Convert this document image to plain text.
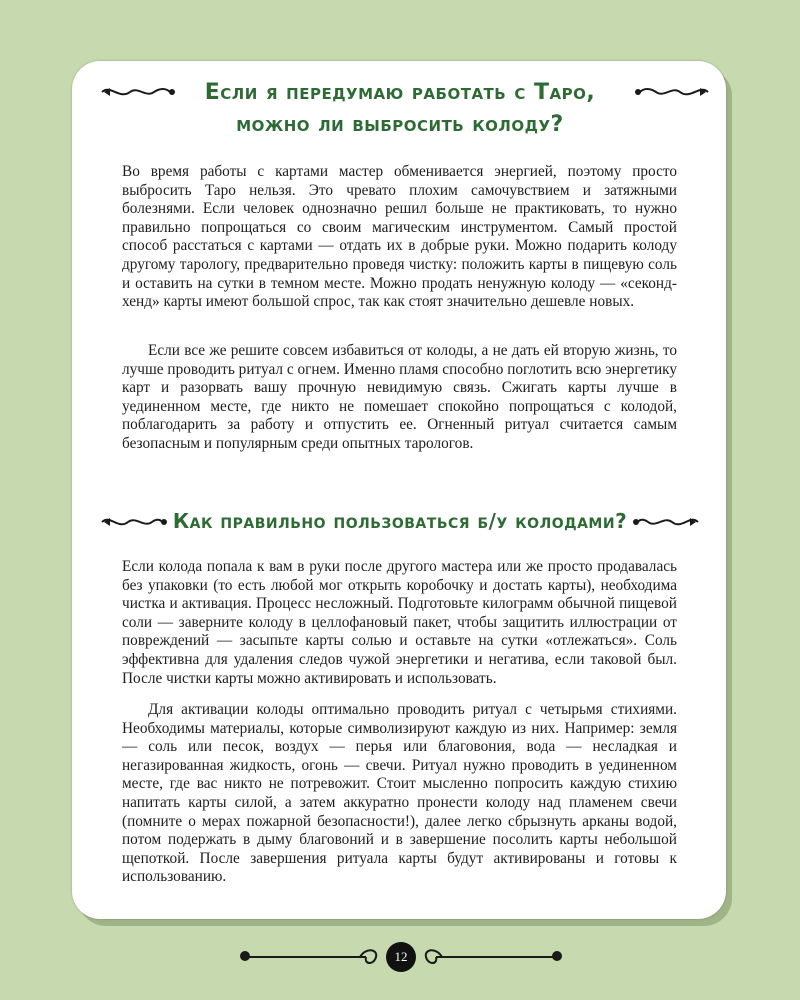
Если я передумаю работать с Таро,
можно ли выбросить колоду?

Во время работы с картами мастер обменивается энергией, поэтому просто выбросить Таро нельзя. Это чревато плохим самочувствием и затяжными болезнями. Если человек однозначно решил больше не практиковать, то нужно правильно попрощаться со своим магическим инструментом. Самый простой способ расстаться с картами — отдать их в добрые руки. Можно подарить колоду другому тарологу, предварительно проведя чистку: положить карты в пищевую соль и оставить на сутки в темном месте. Можно продать ненужную колоду — «секонд-хенд» карты имеют большой спрос, так как стоят значительно дешевле новых.

Если все же решите совсем избавиться от колоды, а не дать ей вторую жизнь, то лучше проводить ритуал с огнем. Именно пламя способно поглотить всю энергетику карт и разорвать вашу прочную невидимую связь. Сжигать карты лучше в уединенном месте, где никто не помешает спокойно попрощаться с колодой, поблагодарить за работу и отпустить ее. Огненный ритуал считается самым безопасным и популярным среди опытных тарологов.

Как правильно пользоваться б/у колодами?

Если колода попала к вам в руки после другого мастера или же просто продавалась без упаковки (то есть любой мог открыть коробочку и достать карты), необходима чистка и активация. Процесс несложный. Подготовьте килограмм обычной пищевой соли — заверните колоду в целлофановый пакет, чтобы защитить иллюстрации от повреждений — засыпьте карты солью и оставьте на сутки «отлежаться». Соль эффективна для удаления следов чужой энергетики и негатива, если таковой был. После чистки карты можно активировать и использовать.

Для активации колоды оптимально проводить ритуал с четырьмя стихиями. Необходимы материалы, которые символизируют каждую из них. Например: земля — соль или песок, воздух — перья или благовония, вода — несладкая и негазированная жидкость, огонь — свечи. Ритуал нужно проводить в уединенном месте, где вас никто не потревожит. Стоит мысленно попросить каждую стихию напитать карты силой, а затем аккуратно пронести колоду над пламенем свечи (помните о мерах пожарной безопасности!), далее легко сбрызнуть арканы водой, потом подержать в дыму благовоний и в завершение посолить карты небольшой щепоткой. После завершения ритуала карты будут активированы и готовы к использованию.

12
